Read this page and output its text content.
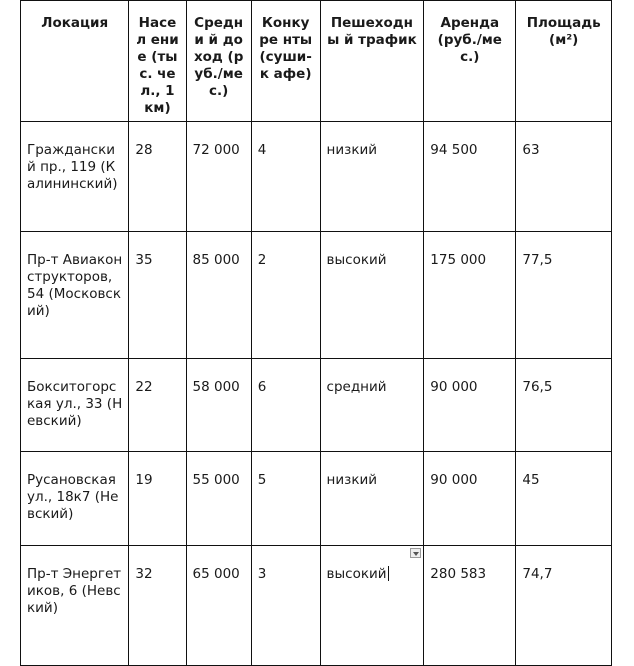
Локация	Насел ение (тыс. чел., 1 км)	Средни й доход (руб./ме с.)	Конкуре нты (суши-к афе)	Пешеходны й трафик	Аренда (руб./мес.)	Площадь (м²)
Гражданский пр., 119 (Калининский)	28	72 000	4	низкий	94 500	63
Пр-т Авиаконструкторов, 54 (Московский)	35	85 000	2	высокий	175 000	77,5
Бокситогорская ул., 33 (Невский)	22	58 000	6	средний	90 000	76,5
Русановская ул., 18к7 (Невский)	19	55 000	5	низкий	90 000	45
Пр-т Энергетиков, 6 (Невский)	32	65 000	3	высокий	280 583	74,7
